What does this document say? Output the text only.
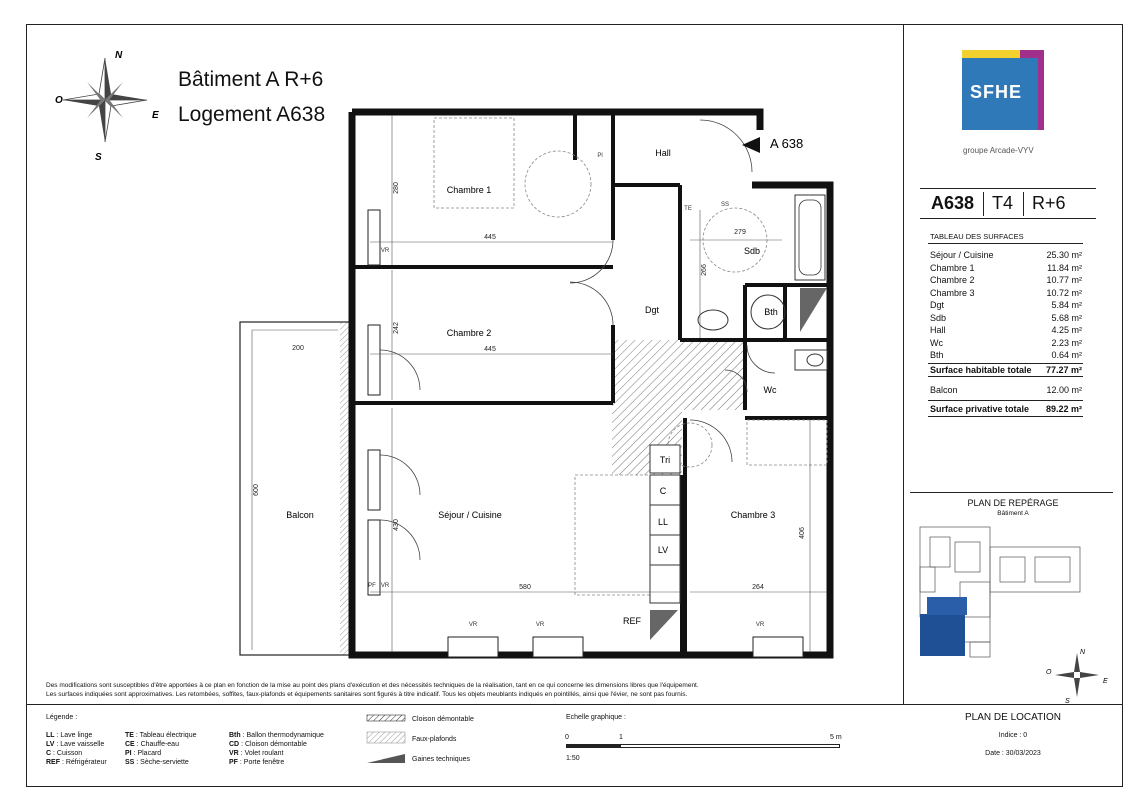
N
O
E
S
Bâtiment A R+6
Logement A638
Chambre 1
Chambre 2
Séjour / Cuisine	Chambre 3
Balcon
Hall
Dgt
Sdb
Bth
Wc
REF
Tri
C
LL
LV
Pl
TE
SS
VR
VR
VR	VR	VR
PF
445
445
580	264
200
279
280
242
430
406
266
600
A 638
SFHE
groupe Arcade-VYV
A638 T4 R+6
TABLEAU DES SURFACES
Séjour / Cuisine	25.30 m²
Chambre 1	11.84 m²
Chambre 2	10.77 m²
Chambre 3	10.72 m²
Dgt	5.84 m²
Sdb	5.68 m²
Hall	4.25 m²
Wc	2.23 m²
Bth	0.64 m²
Surface habitable totale 77.27 m²
Balcon	12.00 m²
Surface privative totale 89.22 m²
PLAN DE REPÉRAGE
Bâtiment A
N
O
E
S
Des modifications sont susceptibles d'être apportées à ce plan en fonction de la mise au point des plans d'exécution et des nécessités techniques de la réalisation, tant en ce qui concerne les dimensions libres que l'équipement.
Les surfaces indiquées sont approximatives. Les retombées, soffites, faux-plafonds et équipements sanitaires sont figurés à titre indicatif. Tous les objets meublants indiqués en pointillés, ainsi que l'évier, ne sont pas fournis.
Légende :
LL : Lave linge
LV : Lave vaisselle
C : Cuisson
REF : Réfrigérateur
TE : Tableau électrique
CE : Chauffe-eau
PI : Placard
SS : Sèche-serviette
Bth : Ballon thermodynamique
CD : Cloison démontable
VR : Volet roulant
PF : Porte fenêtre
Cloison démontable
Faux-plafonds
Gaines techniques
Echelle graphique :
0	1	5 m
1:50
PLAN DE LOCATION
Indice : 0
Date : 30/03/2023
